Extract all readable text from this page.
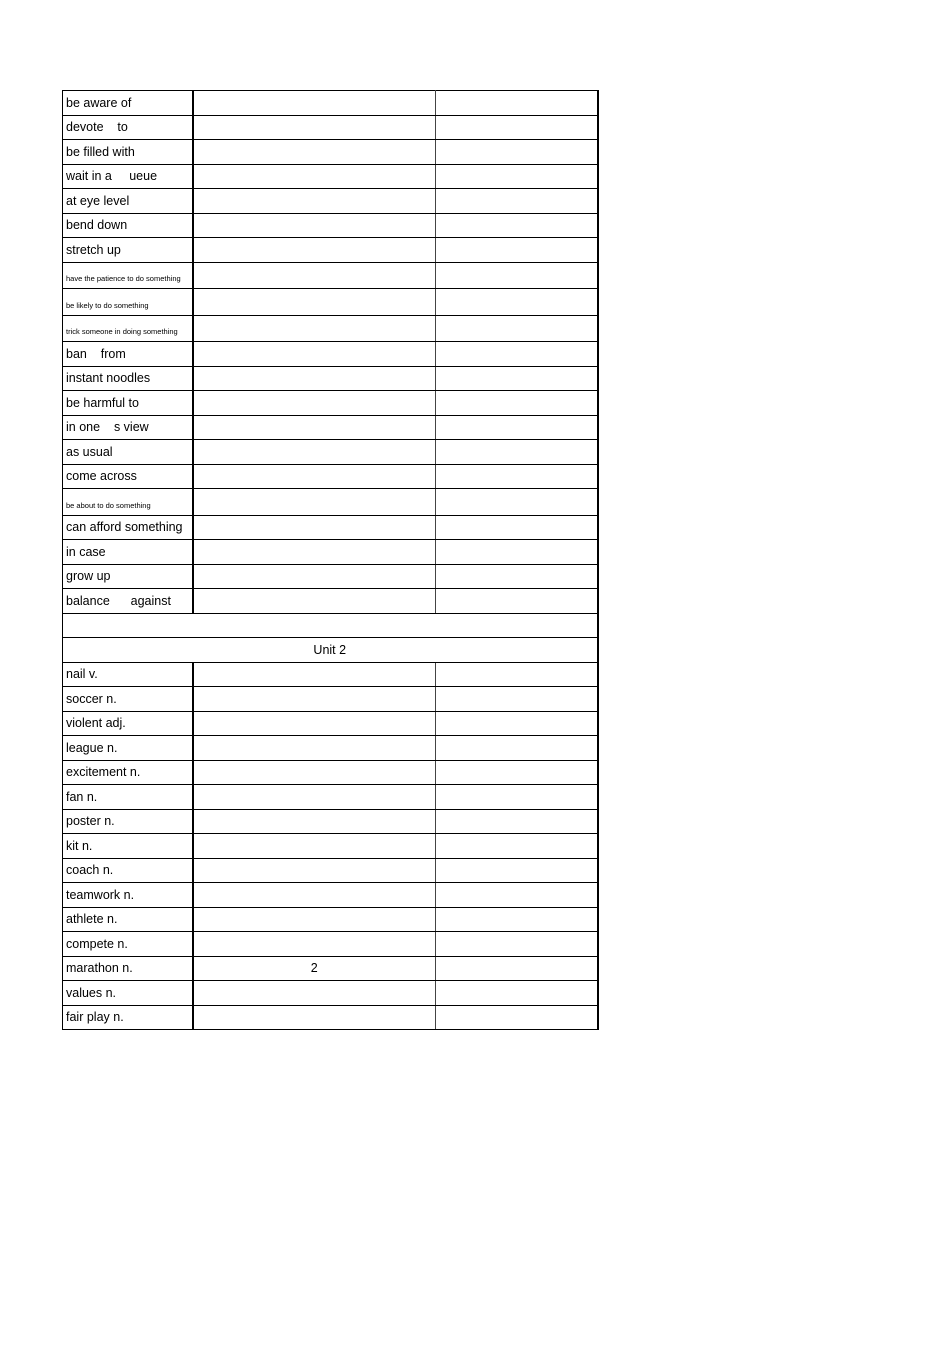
be aware of		
devote    to		
be filled with		
wait in a     ueue		
at eye level		
bend down		
stretch up		
have the patience to do something		
be likely to do something		
trick someone in doing something		
ban    from		
instant noodles		
be harmful to		
in one    s view		
as usual		
come across		
be about to do something		
can afford something		
in case		
grow up		
balance      against		

Unit 2		
nail v.		
soccer n.		
violent adj.		
league n.		
excitement n.		
fan n.		
poster n.		
kit n.		
coach n.		
teamwork n.		
athlete n.		
compete n.		
marathon n.	2	
values n.		
fair play n.		
